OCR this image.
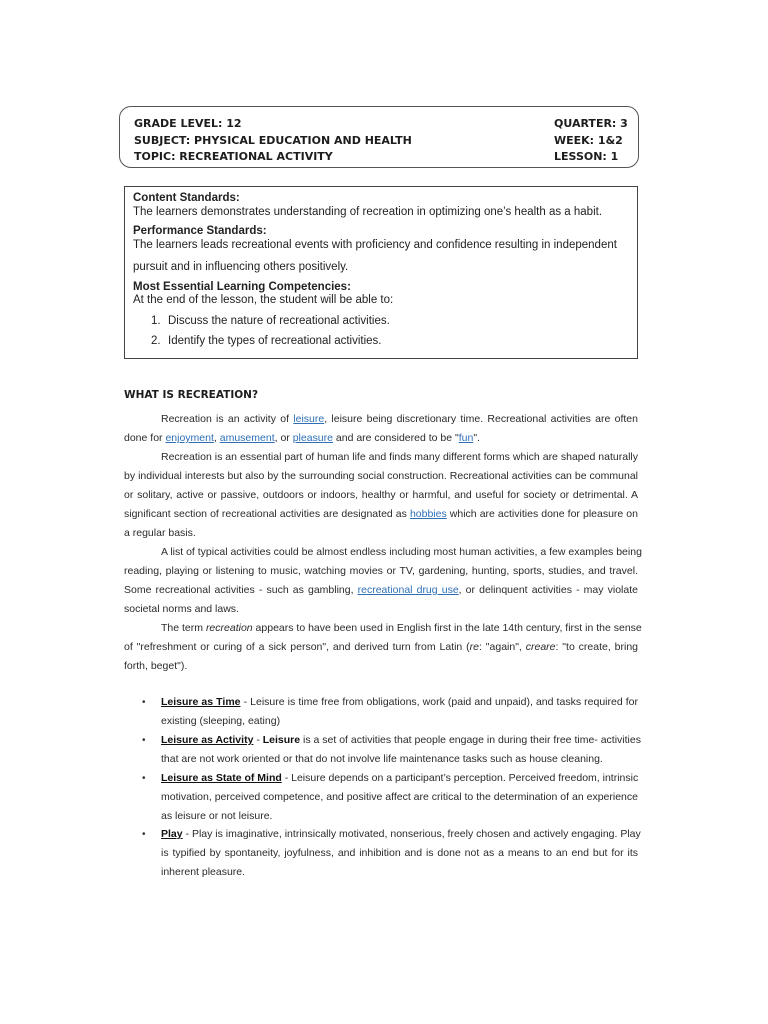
GRADE LEVEL: 12
SUBJECT: PHYSICAL EDUCATION AND HEALTH
TOPIC: RECREATIONAL ACTIVITY
QUARTER: 3
WEEK: 1&2
LESSON: 1
Content Standards:
The learners demonstrates understanding of recreation in optimizing one’s health as a habit.
Performance Standards:
The learners leads recreational events with proficiency and confidence resulting in independent
pursuit and in influencing others positively.
Most Essential Learning Competencies:
At the end of the lesson, the student will be able to:
1. Discuss the nature of recreational activities.
2. Identify the types of recreational activities.
WHAT IS RECREATION?
Recreation is an activity of leisure, leisure being discretionary time. Recreational activities are often
done for enjoyment, amusement, or pleasure and are considered to be "fun".
Recreation is an essential part of human life and finds many different forms which are shaped naturally
by individual interests but also by the surrounding social construction. Recreational activities can be communal
or solitary, active or passive, outdoors or indoors, healthy or harmful, and useful for society or detrimental. A
significant section of recreational activities are designated as hobbies which are activities done for pleasure on
a regular basis.
A list of typical activities could be almost endless including most human activities, a few examples being
reading, playing or listening to music, watching movies or TV, gardening, hunting, sports, studies, and travel.
Some recreational activities - such as gambling, recreational drug use, or delinquent activities - may violate
societal norms and laws.
The term recreation appears to have been used in English first in the late 14th century, first in the sense
of "refreshment or curing of a sick person", and derived turn from Latin (re: "again", creare: "to create, bring
forth, beget").
• Leisure as Time - Leisure is time free from obligations, work (paid and unpaid), and tasks required for
existing (sleeping, eating)
• Leisure as Activity - Leisure is a set of activities that people engage in during their free time- activities
that are not work oriented or that do not involve life maintenance tasks such as house cleaning.
• Leisure as State of Mind - Leisure depends on a participant’s perception. Perceived freedom, intrinsic
motivation, perceived competence, and positive affect are critical to the determination of an experience
as leisure or not leisure.
• Play - Play is imaginative, intrinsically motivated, nonserious, freely chosen and actively engaging. Play
is typified by spontaneity, joyfulness, and inhibition and is done not as a means to an end but for its
inherent pleasure.
